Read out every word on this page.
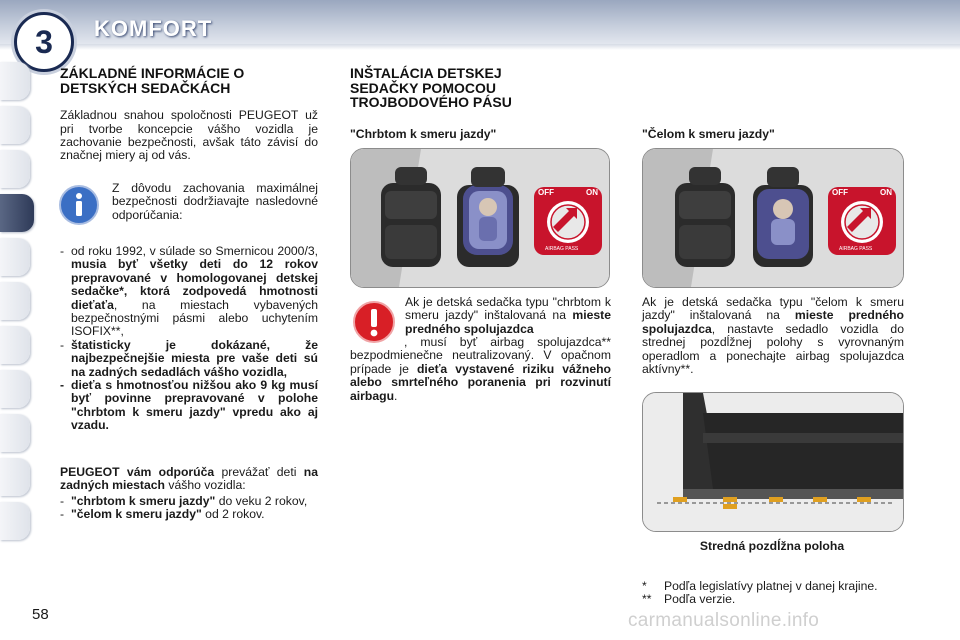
3	KOMFORT

ZÁKLADNÉ INFORMÁCIE O
DETSKÝCH SEDAČKÁCH

Základnou snahou spoločnosti PEUGEOT už pri tvorbe koncepcie vášho vozidla je zachovanie bezpečnosti, avšak táto závisí do značnej miery aj od vás.

Z dôvodu zachovania maximálnej bezpečnosti dodržiavajte nasledovné odporúčania:

- od roku 1992, v súlade so Smernicou 2000/3, musia byť všetky deti do 12 rokov prepravované v homologovanej detskej sedačke*, ktorá zodpovedá hmotnosti dieťaťa, na miestach vybavených bezpečnostnými pásmi alebo uchytením ISOFIX**,
- štatisticky je dokázané, že najbezpečnejšie miesta pre vaše deti sú na zadných sedadlách vášho vozidla,
- dieťa s hmotnosťou nižšou ako 9 kg musí byť povinne prepravované v polohe "chrbtom k smeru jazdy" vpredu ako aj vzadu.

PEUGEOT vám odporúča prevážať deti na zadných miestach vášho vozidla:

- "chrbtom k smeru jazdy" do veku 2 rokov,
- "čelom k smeru jazdy" od 2 rokov.

INŠTALÁCIA DETSKEJ
SEDAČKY POMOCOU
TROJBODOVÉHO PÁSU

"Chrbtom k smeru jazdy"
OFF	ON
AIRBAG PASS

Ak je detská sedačka typu "chrbtom k smeru jazdy" inštalovaná na mieste predného spolujazdca

, musí byť airbag spolujazdca** bezpodmienečne neutralizovaný. V opačnom prípade je dieťa vystavené riziku vážneho alebo smrteľného poranenia pri rozvinutí airbagu.

"Čelom k smeru jazdy"
OFF	ON
AIRBAG PASS

Ak je detská sedačka typu "čelom k smeru jazdy" inštalovaná na mieste predného spolujazdca, nastavte sedadlo vozidla do strednej pozdĺžnej polohy s vyrovnaným operadlom a ponechajte airbag spolujazdca aktívny**.

Stredná pozdĺžna poloha
*	Podľa legislatívy platnej v danej krajine.
**	Podľa verzie.
58	carmanualsonline.info
